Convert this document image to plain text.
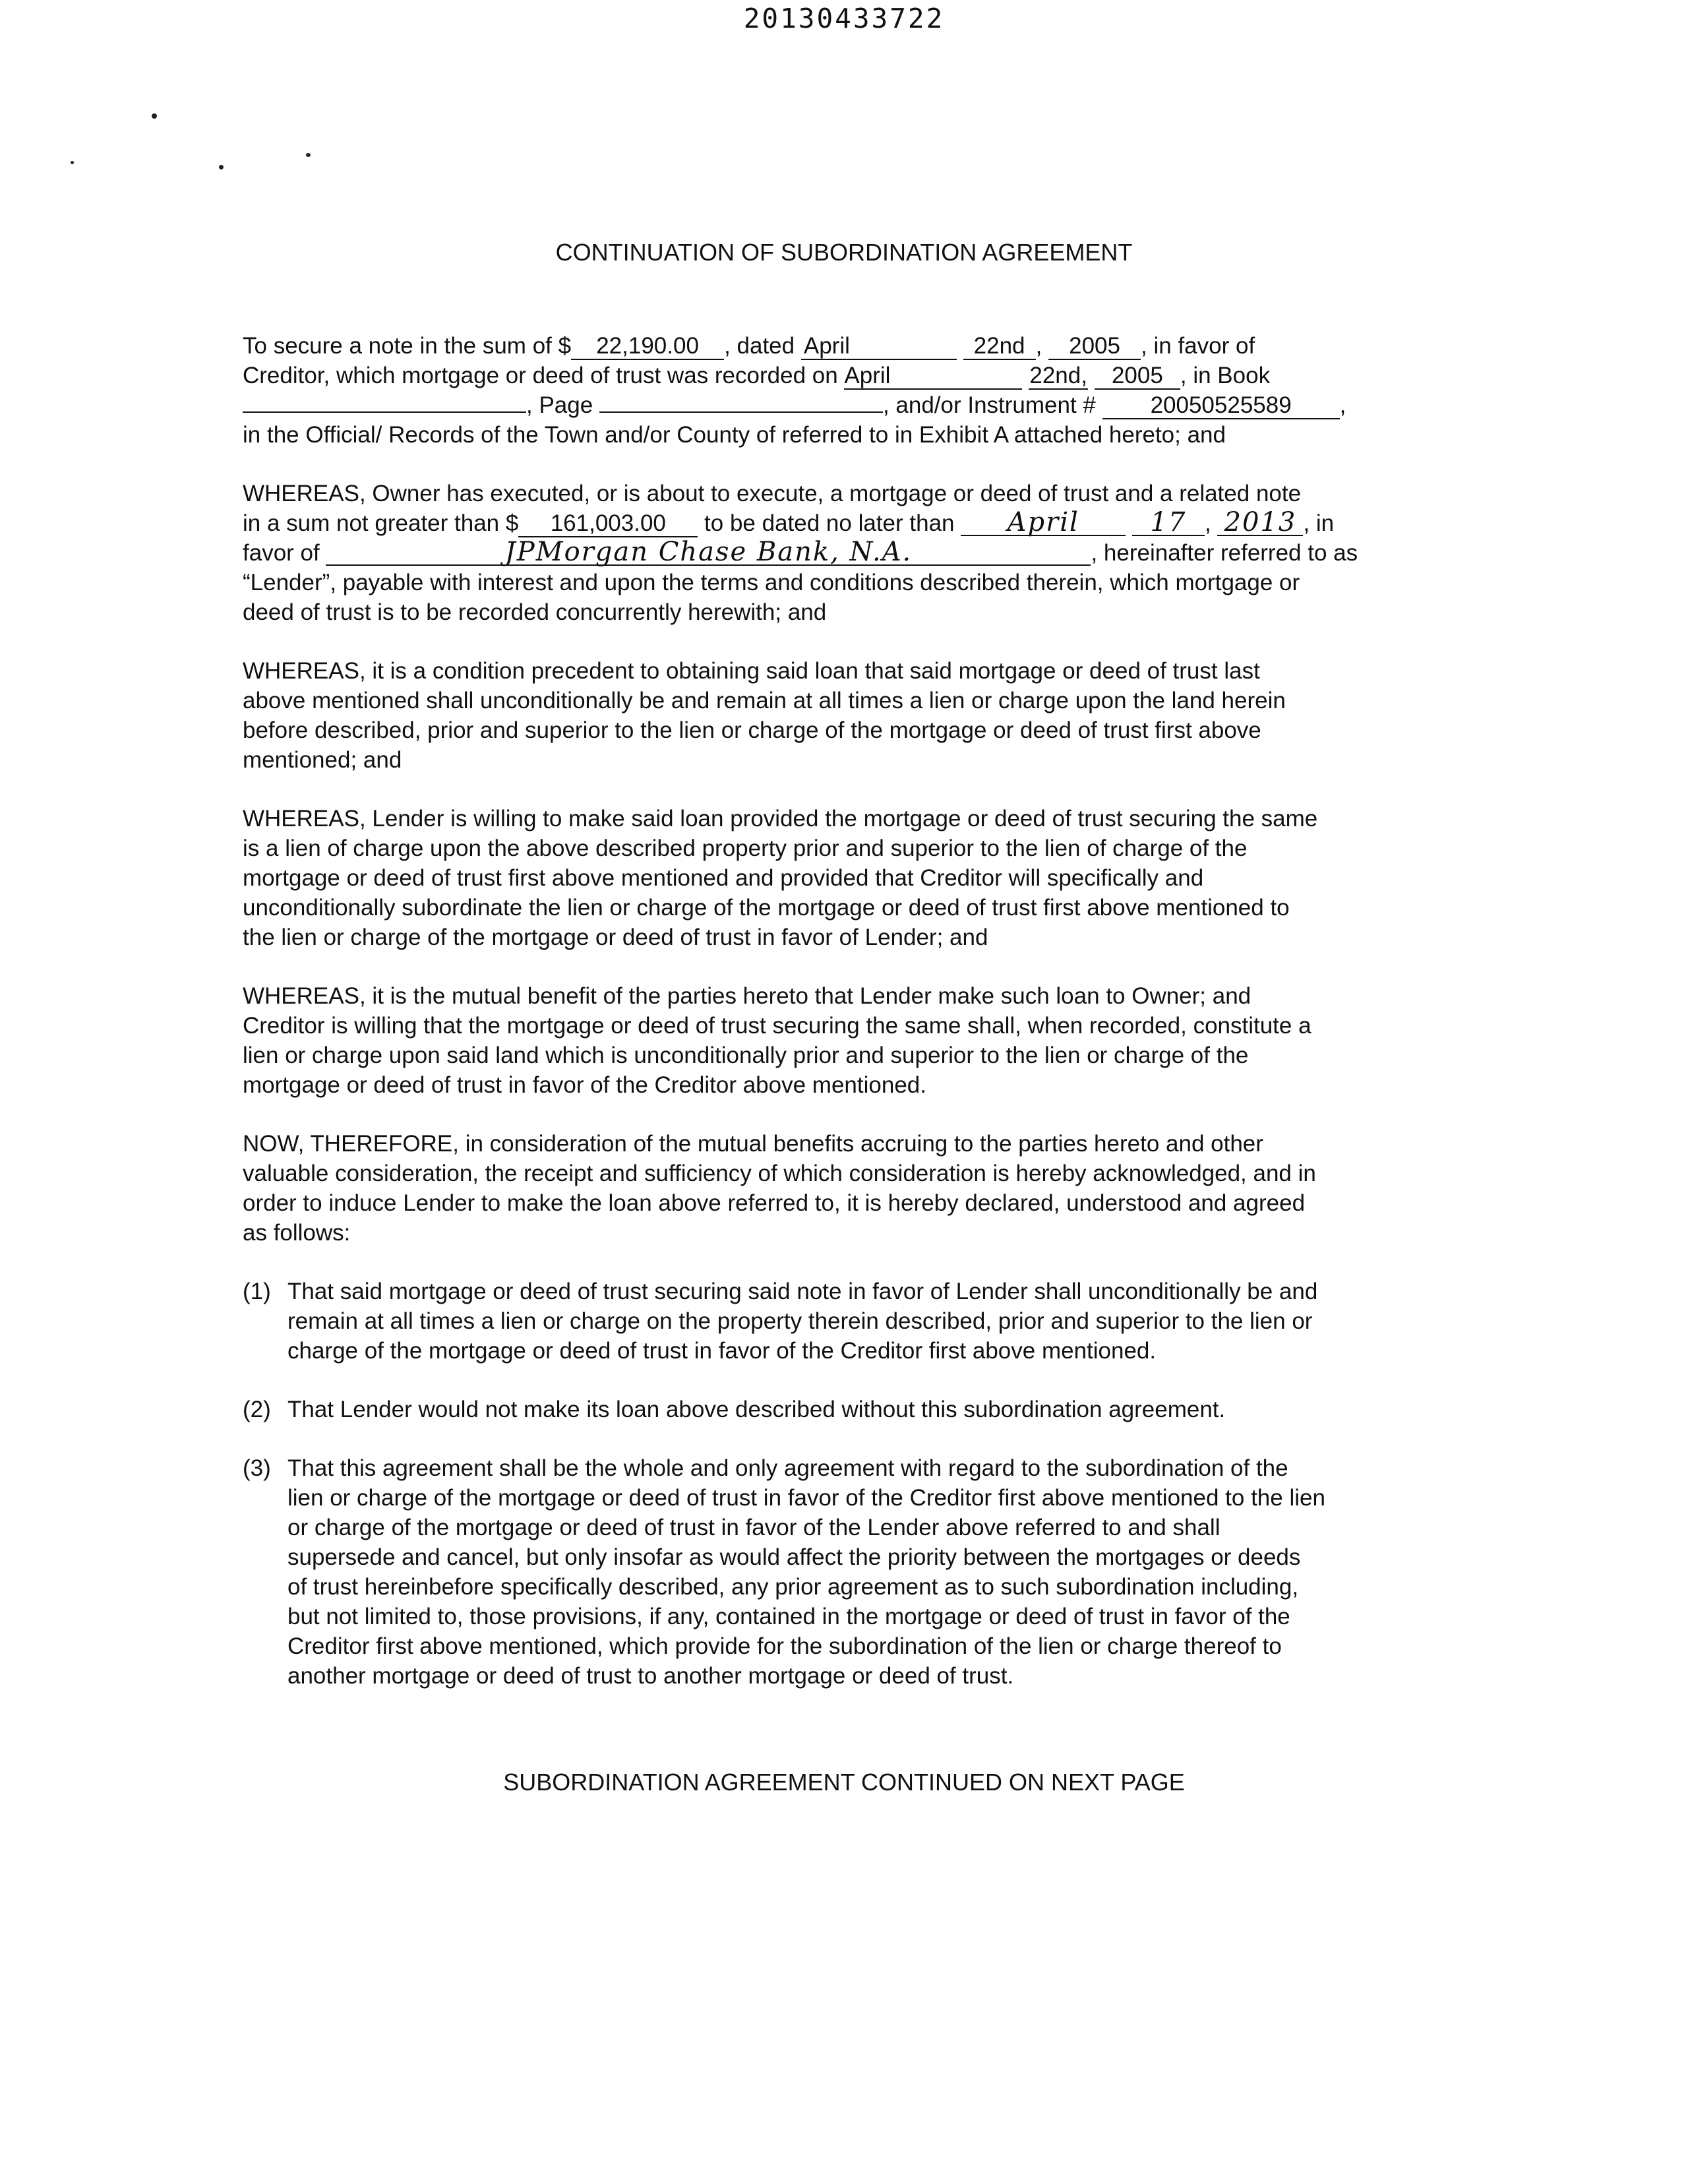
20130433722
CONTINUATION OF SUBORDINATION AGREEMENT

To secure a note in the sum of $ 22,190.00 , dated April	22nd , 2005 , in favor of
Creditor, which mortgage or deed of trust was recorded on April	22nd, 2005 , in Book
, Page	, and/or Instrument # 20050525589 ,
in the Official/ Records of the Town and/or County of referred to in Exhibit A attached hereto; and

WHEREAS, Owner has executed, or is about to execute, a mortgage or deed of trust and a related note
in a sum not greater than $ 161,003.00 to be dated no later than April	17 , 2013 , in
favor of	JPMorgan Chase Bank, N.A.	, hereinafter referred to as
“Lender”, payable with interest and upon the terms and conditions described therein, which mortgage or
deed of trust is to be recorded concurrently herewith; and

WHEREAS, it is a condition precedent to obtaining said loan that said mortgage or deed of trust last
above mentioned shall unconditionally be and remain at all times a lien or charge upon the land herein
before described, prior and superior to the lien or charge of the mortgage or deed of trust first above
mentioned; and

WHEREAS, Lender is willing to make said loan provided the mortgage or deed of trust securing the same
is a lien of charge upon the above described property prior and superior to the lien of charge of the
mortgage or deed of trust first above mentioned and provided that Creditor will specifically and
unconditionally subordinate the lien or charge of the mortgage or deed of trust first above mentioned to
the lien or charge of the mortgage or deed of trust in favor of Lender; and

WHEREAS, it is the mutual benefit of the parties hereto that Lender make such loan to Owner; and
Creditor is willing that the mortgage or deed of trust securing the same shall, when recorded, constitute a
lien or charge upon said land which is unconditionally prior and superior to the lien or charge of the
mortgage or deed of trust in favor of the Creditor above mentioned.

NOW, THEREFORE, in consideration of the mutual benefits accruing to the parties hereto and other
valuable consideration, the receipt and sufficiency of which consideration is hereby acknowledged, and in
order to induce Lender to make the loan above referred to, it is hereby declared, understood and agreed
as follows:

(1) That said mortgage or deed of trust securing said note in favor of Lender shall unconditionally be and
remain at all times a lien or charge on the property therein described, prior and superior to the lien or
charge of the mortgage or deed of trust in favor of the Creditor first above mentioned.
(2) That Lender would not make its loan above described without this subordination agreement.
(3) That this agreement shall be the whole and only agreement with regard to the subordination of the
lien or charge of the mortgage or deed of trust in favor of the Creditor first above mentioned to the lien
or charge of the mortgage or deed of trust in favor of the Lender above referred to and shall
supersede and cancel, but only insofar as would affect the priority between the mortgages or deeds
of trust hereinbefore specifically described, any prior agreement as to such subordination including,
but not limited to, those provisions, if any, contained in the mortgage or deed of trust in favor of the
Creditor first above mentioned, which provide for the subordination of the lien or charge thereof to
another mortgage or deed of trust to another mortgage or deed of trust.
SUBORDINATION AGREEMENT CONTINUED ON NEXT PAGE
